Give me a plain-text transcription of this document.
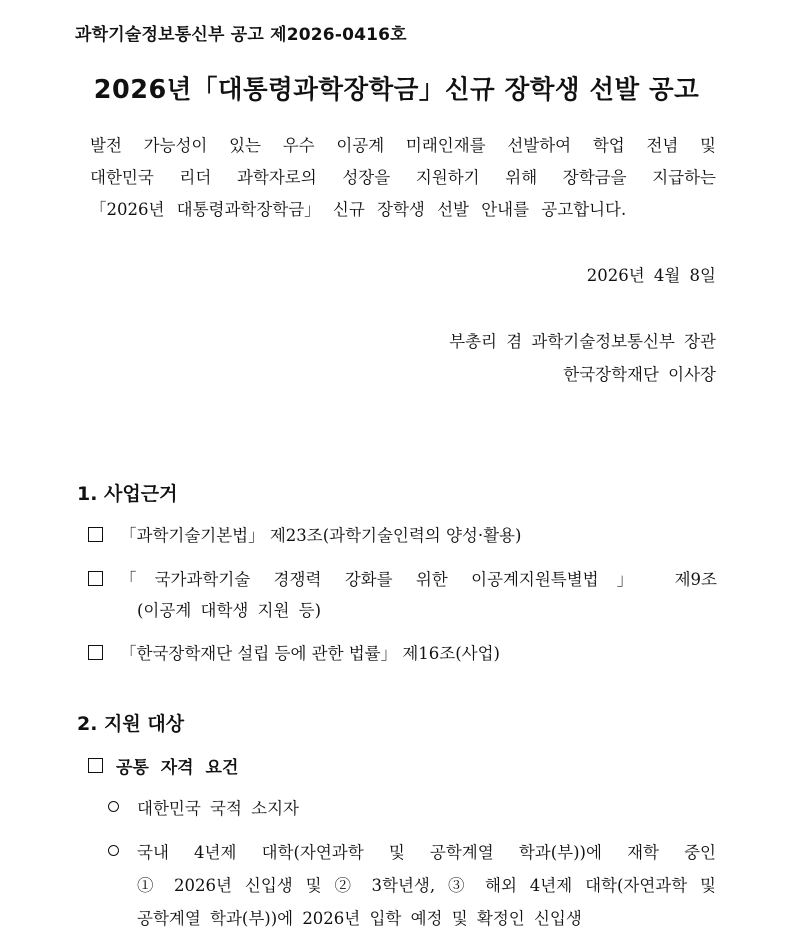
과학기술정보통신부 공고 제2026-0416호
2026년「대통령과학장학금」신규 장학생 선발 공고
발전 가능성이 있는 우수 이공계 미래인재를 선발하여 학업 전념 및
대한민국 리더 과학자로의 성장을 지원하기 위해 장학금을 지급하는
「2026년 대통령과학장학금」 신규 장학생 선발 안내를 공고합니다.
2026년 4월 8일
부총리 겸 과학기술정보통신부 장관
한국장학재단 이사장
1. 사업근거
「과학기술기본법」 제23조(과학기술인력의 양성·활용)
「국가과학기술 경쟁력 강화를 위한 이공계지원특별법」 제9조
(이공계 대학생 지원 등)
「한국장학재단 설립 등에 관한 법률」 제16조(사업)
2. 지원 대상
공통 자격 요건
대한민국 국적 소지자
국내 4년제 대학(자연과학 및 공학계열 학과(부))에 재학 중인
① 2026년 신입생 및 ② 3학년생, ③ 해외 4년제 대학(자연과학 및
공학계열 학과(부))에 2026년 입학 예정 및 확정인 신입생
